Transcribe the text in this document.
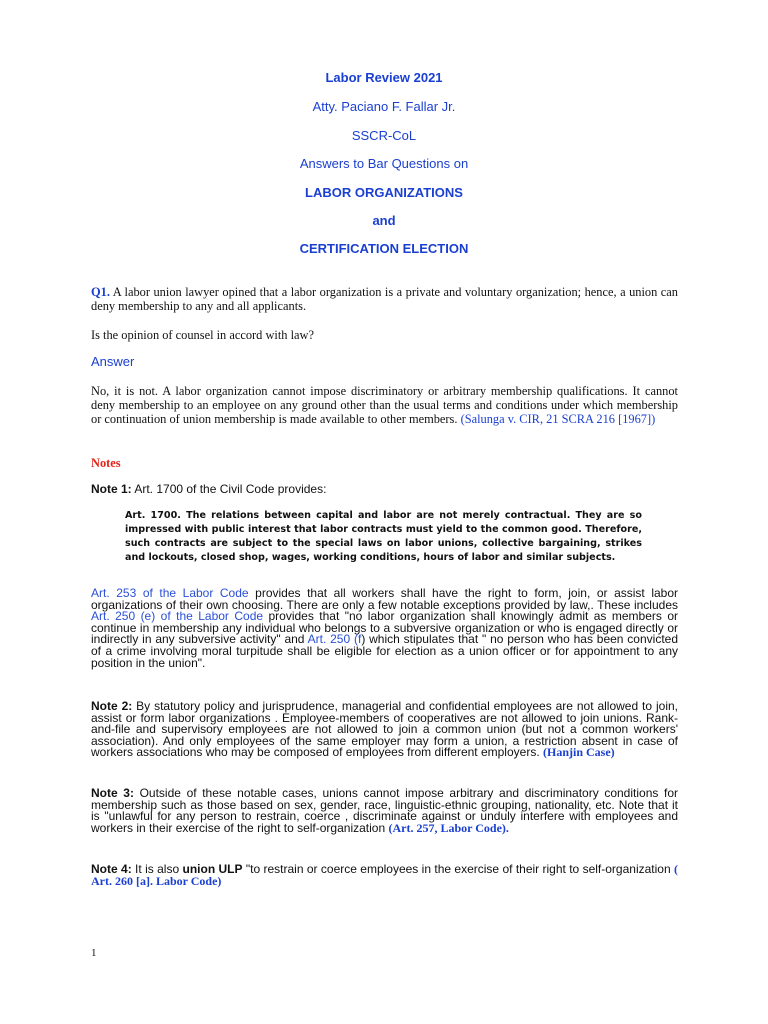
Labor Review 2021
Atty. Paciano F. Fallar Jr.
SSCR-CoL
Answers to Bar Questions on
LABOR ORGANIZATIONS
and
CERTIFICATION ELECTION

Q1. A labor union lawyer opined that a labor organization is a private and voluntary organization; hence, a union can deny membership to any and all applicants.

Is the opinion of counsel in accord with law?

Answer

No, it is not. A labor organization cannot impose discriminatory or arbitrary membership qualifications. It cannot deny membership to an employee on any ground other than the usual terms and conditions under which membership or continuation of union membership is made available to other members. (Salunga v. CIR, 21 SCRA 216 [1967])

Notes

Note 1: Art. 1700 of the Civil Code provides:

Art. 1700. The relations between capital and labor are not merely contractual. They are so impressed with public interest that labor contracts must yield to the common good. Therefore, such contracts are subject to the special laws on labor unions, collective bargaining, strikes and lockouts, closed shop, wages, working conditions, hours of labor and similar subjects.

Art. 253 of the Labor Code provides that all workers shall have the right to form, join, or assist labor organizations of their own choosing. There are only a few notable exceptions provided by law,. These includes Art. 250 (e) of the Labor Code provides that "no labor organization shall knowingly admit as members or continue in membership any individual who belongs to a subversive organization or who is engaged directly or indirectly in any subversive activity" and Art. 250 (f) which stipulates that " no person who has been convicted of a crime involving moral turpitude shall be eligible for election as a union officer or for appointment to any position in the union".

Note 2: By statutory policy and jurisprudence, managerial and confidential employees are not allowed to join, assist or form labor organizations . Employee-members of cooperatives are not allowed to join unions. Rank-and-file and supervisory employees are not allowed to join a common union (but not a common workers' association). And only employees of the same employer may form a union, a restriction absent in case of workers associations who may be composed of employees from different employers. (Hanjin Case)

Note 3: Outside of these notable cases, unions cannot impose arbitrary and discriminatory conditions for membership such as those based on sex, gender, race, linguistic-ethnic grouping, nationality, etc. Note that it is "unlawful for any person to restrain, coerce , discriminate against or unduly interfere with employees and workers in their exercise of the right to self-organization (Art. 257, Labor Code).

Note 4: It is also union ULP "to restrain or coerce employees in the exercise of their right to self-organization ( Art. 260 [a]. Labor Code)

1
